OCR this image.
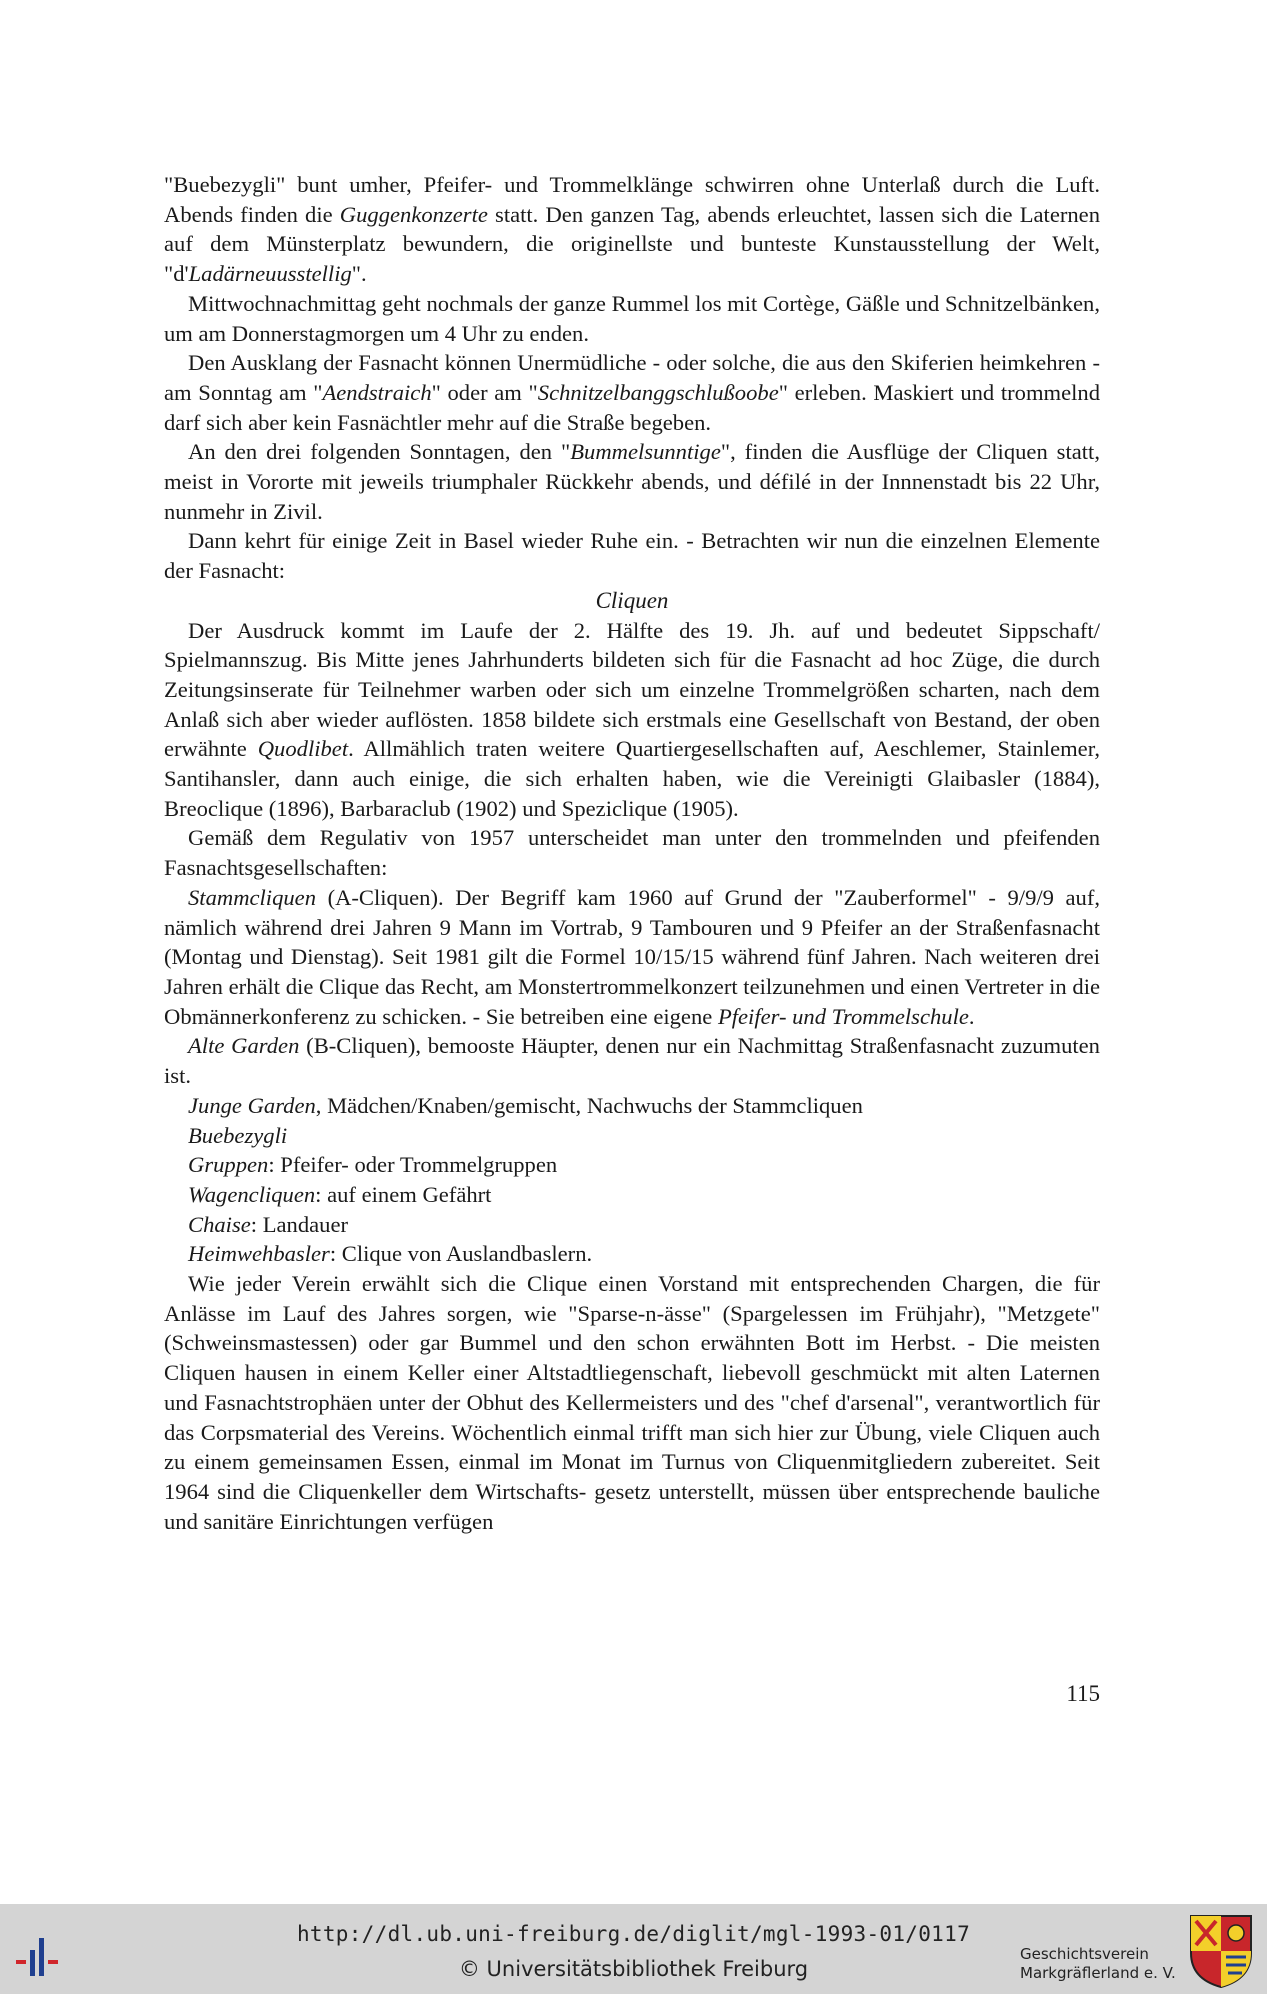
"Buebezygli" bunt umher, Pfeifer- und Trommelklänge schwirren ohne Unterlaß durch die Luft. Abends finden die Guggenkonzerte statt. Den ganzen Tag, abends erleuchtet, lassen sich die Laternen auf dem Münsterplatz bewundern, die originellste und bunteste Kunstausstellung der Welt, "d'Ladärneuusstellig".

Mittwochnachmittag geht nochmals der ganze Rummel los mit Cortège, Gäßle und Schnitzelbänken, um am Donnerstagmorgen um 4 Uhr zu enden.

Den Ausklang der Fasnacht können Unermüdliche - oder solche, die aus den Skiferien heimkehren - am Sonntag am "Aendstraich" oder am "Schnitzelbanggschlußoobe" erleben. Maskiert und trommelnd darf sich aber kein Fasnächtler mehr auf die Straße begeben.

An den drei folgenden Sonntagen, den "Bummelsunntige", finden die Ausflüge der Cliquen statt, meist in Vororte mit jeweils triumphaler Rückkehr abends, und défilé in der Innnenstadt bis 22 Uhr, nunmehr in Zivil.

Dann kehrt für einige Zeit in Basel wieder Ruhe ein. - Betrachten wir nun die einzelnen Elemente der Fasnacht:

Cliquen

Der Ausdruck kommt im Laufe der 2. Hälfte des 19. Jh. auf und bedeutet Sippschaft/ Spielmannszug. Bis Mitte jenes Jahrhunderts bildeten sich für die Fasnacht ad hoc Züge, die durch Zeitungsinserate für Teilnehmer warben oder sich um einzelne Trommelgrößen scharten, nach dem Anlaß sich aber wieder auflösten. 1858 bildete sich erstmals eine Gesellschaft von Bestand, der oben erwähnte Quodlibet. Allmählich traten weitere Quartiergesellschaften auf, Aeschlemer, Stainlemer, Santihansler, dann auch einige, die sich erhalten haben, wie die Vereinigti Glaibasler (1884), Breoclique (1896), Barbaraclub (1902) und Speziclique (1905).

Gemäß dem Regulativ von 1957 unterscheidet man unter den trommelnden und pfeifenden Fasnachtsgesellschaften:

Stammcliquen (A-Cliquen). Der Begriff kam 1960 auf Grund der "Zauberformel" - 9/9/9 auf, nämlich während drei Jahren 9 Mann im Vortrab, 9 Tambouren und 9 Pfeifer an der Straßenfasnacht (Montag und Dienstag). Seit 1981 gilt die Formel 10/15/15 während fünf Jahren. Nach weiteren drei Jahren erhält die Clique das Recht, am Monstertrommelkonzert teilzunehmen und einen Vertreter in die Obmännerkonferenz zu schicken. - Sie betreiben eine eigene Pfeifer- und Trommelschule.

Alte Garden (B-Cliquen), bemooste Häupter, denen nur ein Nachmittag Straßenfasnacht zuzumuten ist.

Junge Garden, Mädchen/Knaben/gemischt, Nachwuchs der Stammcliquen

Buebezygli

Gruppen: Pfeifer- oder Trommelgruppen

Wagencliquen: auf einem Gefährt

Chaise: Landauer

Heimwehbasler: Clique von Auslandbaslern.

Wie jeder Verein erwählt sich die Clique einen Vorstand mit entsprechenden Chargen, die für Anlässe im Lauf des Jahres sorgen, wie "Sparse-n-ässe" (Spargelessen im Frühjahr), "Metzgete" (Schweinsmastessen) oder gar Bummel und den schon erwähnten Bott im Herbst. - Die meisten Cliquen hausen in einem Keller einer Altstadtliegenschaft, liebevoll geschmückt mit alten Laternen und Fasnachtstrophäen unter der Obhut des Kellermeisters und des "chef d'arsenal", verantwortlich für das Corpsmaterial des Vereins. Wöchentlich einmal trifft man sich hier zur Übung, viele Cliquen auch zu einem gemeinsamen Essen, einmal im Monat im Turnus von Cliquenmitgliedern zubereitet. Seit 1964 sind die Cliquenkeller dem Wirtschafts- gesetz unterstellt, müssen über entsprechende bauliche und sanitäre Einrichtungen verfügen

115
http://dl.ub.uni-freiburg.de/diglit/mgl-1993-01/0117
© Universitätsbibliothek Freiburg
Geschichtsverein
Markgräflerland e. V.
